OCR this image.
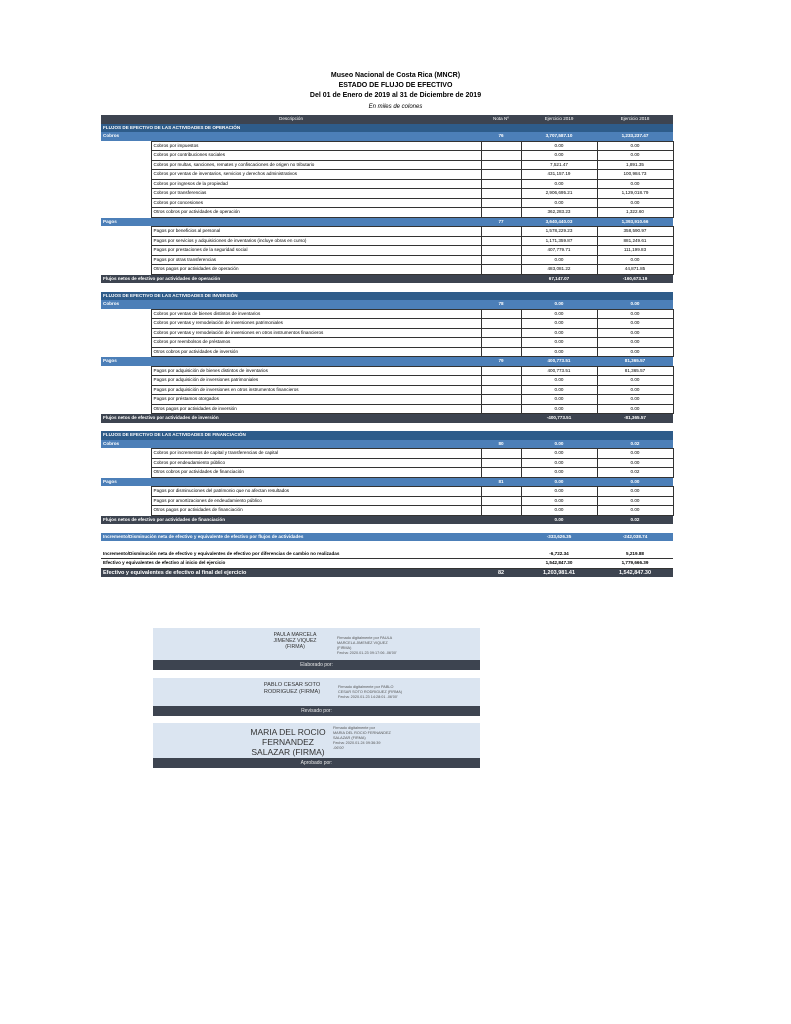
Museo Nacional de Costa Rica (MNCR)
ESTADO DE FLUJO DE EFECTIVO
Del 01 de Enero de 2019 al 31 de Diciembre de 2019
En miles de colones
Descripción		Nota Nº	Ejercicio 2019	Ejercicio 2018
FLUJOS DE EFECTIVO DE LAS ACTIVIDADES DE OPERACIÓN				
Cobros		76	3,707,587.10	1,233,237.47
	Cobros por impuestos		0.00	0.00
	Cobros por contribuciones sociales		0.00	0.00
	Cobros por multas, sanciones, remates y confiscaciones de origen no tributario		7,521.47	1,891.35
	Cobros por ventas de inventarios, servicios y derechos administrativos		431,157.19	100,984.73
	Cobros por ingresos de la propiedad		0.00	0.00
	Cobros por transferencias		2,906,695.21	1,129,018.79
	Cobros por concesiones		0.00	0.00
	Otros cobros por actividades de operación		362,283.23	1,322.60
Pagos		77	3,640,440.03	1,393,910.66
	Pagos por beneficios al personal		1,578,229.23	358,590.97
	Pagos por servicios y adquisiciones de inventarios (incluye obras en curso)		1,171,359.87	881,249.61
	Pagos por prestaciones de la seguridad social		407,779.71	111,199.83
	Pagos por otras transferencias		0.00	0.00
	Otros pagos por actividades de operación		483,081.22	44,871.85
Flujos netos de efectivo por actividades de operación			67,147.07	-160,673.19

FLUJOS DE EFECTIVO DE LAS ACTIVIDADES DE INVERSIÓN				
Cobros		78	0.00	0.00
	Cobros por ventas de bienes distintos de inventarios		0.00	0.00
	Cobros por ventas y remodelación de inversiones patrimoniales		0.00	0.00
	Cobros por ventas y remodelación de inversiones en otros instrumentos financieros		0.00	0.00
	Cobros por reembolsos de préstamos		0.00	0.00
	Otros cobros por actividades de inversión		0.00	0.00
Pagos		79	400,773.51	81,365.57
	Pagos por adquisición de bienes distintos de inventarios		400,773.51	81,365.57
	Pagos por adquisición de inversiones patrimoniales		0.00	0.00
	Pagos por adquisición de inversiones en otros instrumentos financieros		0.00	0.00
	Pagos por préstamos otorgados		0.00	0.00
	Otros pagos por actividades de inversión		0.00	0.00
Flujos netos de efectivo por actividades de inversión			-400,773.51	-81,365.57

FLUJOS DE EFECTIVO DE LAS ACTIVIDADES DE FINANCIACIÓN				
Cobros		80	0.00	0.02
	Cobros por incrementos de capital y transferencias de capital		0.00	0.00
	Cobros por endeudamiento público		0.00	0.00
	Otros cobros por actividades de financiación		0.00	0.02
Pagos		81	0.00	0.00
	Pagos por disminuciones del patrimonio que no afectan resultados		0.00	0.00
	Pagos por amortizaciones de endeudamiento público		0.00	0.00
	Otros pagos por actividades de financiación		0.00	0.00
Flujos netos de efectivo por actividades de financiación			0.00	0.02

Incremento/Disminución neta de efectivo y equivalente de efectivo por flujos de actividades			-333,626.35	-242,038.74

Incremento/Disminución neta de efectivo y equivalentes de efectivo por diferencias de cambio no realizadas			-6,722.34	5,219.88
Efectivo y equivalentes de efectivo al inicio del ejercicio			1,542,847.30	1,779,666.39
Efectivo y equivalentes de efectivo al final del ejercicio		82	1,203,981.41	1,542,847.30
PAULA MARCELA
JIMENEZ VIQUEZ
(FIRMA)
Firmado digitalmente por PAULA
MARCELA JIMENEZ VIQUEZ
(FIRMA)
Fecha: 2020.01.23 09:17:06 -06'00'
Elaborado por:
PABLO CESAR SOTO
RODRIGUEZ (FIRMA)
Firmado digitalmente por PABLO
CESAR SOTO RODRIGUEZ (FIRMA)
Fecha: 2020.01.23 14:28:01 -06'00'
Revisado por:
MARIA DEL ROCIO
FERNANDEZ
SALAZAR (FIRMA)
Firmado digitalmente por
MARIA DEL ROCIO FERNANDEZ
SALAZAR (FIRMA)
Fecha: 2020.01.24 09:36:39
-06'00'
Aprobado por:
